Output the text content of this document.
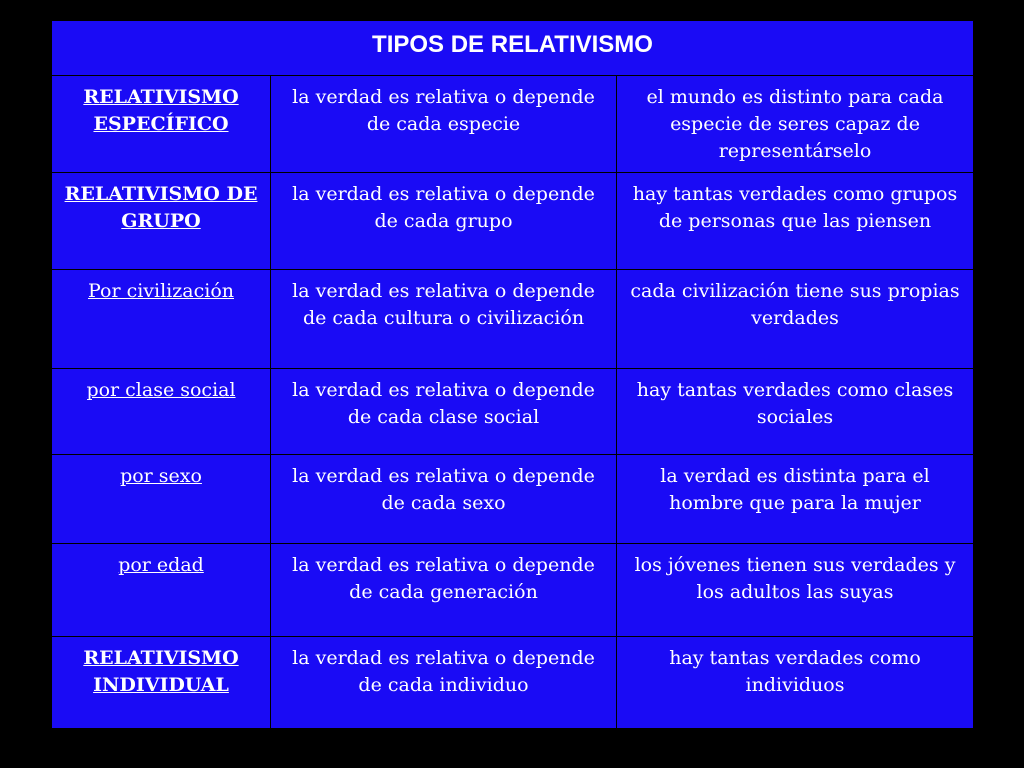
TIPOS DE RELATIVISMO		
RELATIVISMO ESPECÍFICO	la verdad es relativa o depende de cada especie	el mundo es distinto para cada especie de seres capaz de representárselo
RELATIVISMO DE GRUPO	la verdad es relativa o depende de cada grupo	hay tantas verdades como grupos de personas que las piensen
Por civilización	la verdad es relativa o depende de cada cultura o civilización	cada civilización tiene sus propias verdades
por clase social	la verdad es relativa o depende de cada clase social	hay tantas verdades como clases sociales
por sexo	la verdad es relativa o depende de cada sexo	la verdad es distinta para el hombre que para la mujer
por edad	la verdad es relativa o depende de cada generación	los jóvenes tienen sus verdades y los adultos las suyas
RELATIVISMO INDIVIDUAL	la verdad es relativa o depende de cada individuo	hay tantas verdades como individuos
